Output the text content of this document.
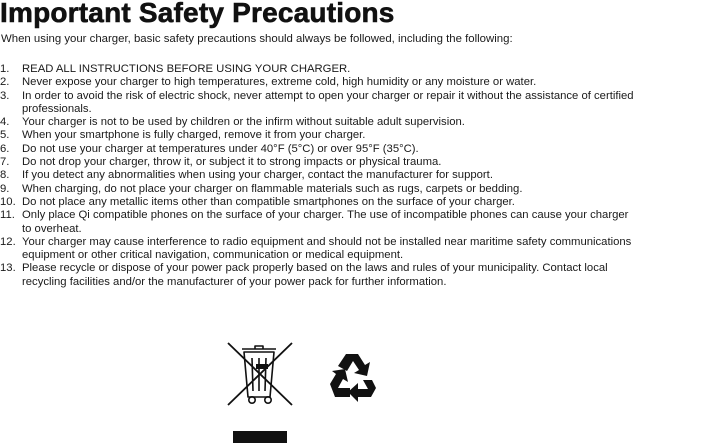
Important Safety Precautions

When using your charger, basic safety precautions should always be followed, including the following:

1.	READ ALL INSTRUCTIONS BEFORE USING YOUR CHARGER.
2.	Never expose your charger to high temperatures, extreme cold, high humidity or any moisture or water.
3.	In order to avoid the risk of electric shock, never attempt to open your charger or repair it without the assistance of certified
professionals.
4.	Your charger is not to be used by children or the infirm without suitable adult supervision.
5.	When your smartphone is fully charged, remove it from your charger.
6.	Do not use your charger at temperatures under 40°F (5°C) or over 95°F (35°C).
7.	Do not drop your charger, throw it, or subject it to strong impacts or physical trauma.
8.	If you detect any abnormalities when using your charger, contact the manufacturer for support.
9.	When charging, do not place your charger on flammable materials such as rugs, carpets or bedding.
10. Do not place any metallic items other than compatible smartphones on the surface of your charger.
11. Only place Qi compatible phones on the surface of your charger. The use of incompatible phones can cause your charger
to overheat.
12. Your charger may cause interference to radio equipment and should not be installed near maritime safety communications
equipment or other critical navigation, communication or medical equipment.
13. Please recycle or dispose of your power pack properly based on the laws and rules of your municipality. Contact local
recycling facilities and/or the manufacturer of your power pack for further information.
